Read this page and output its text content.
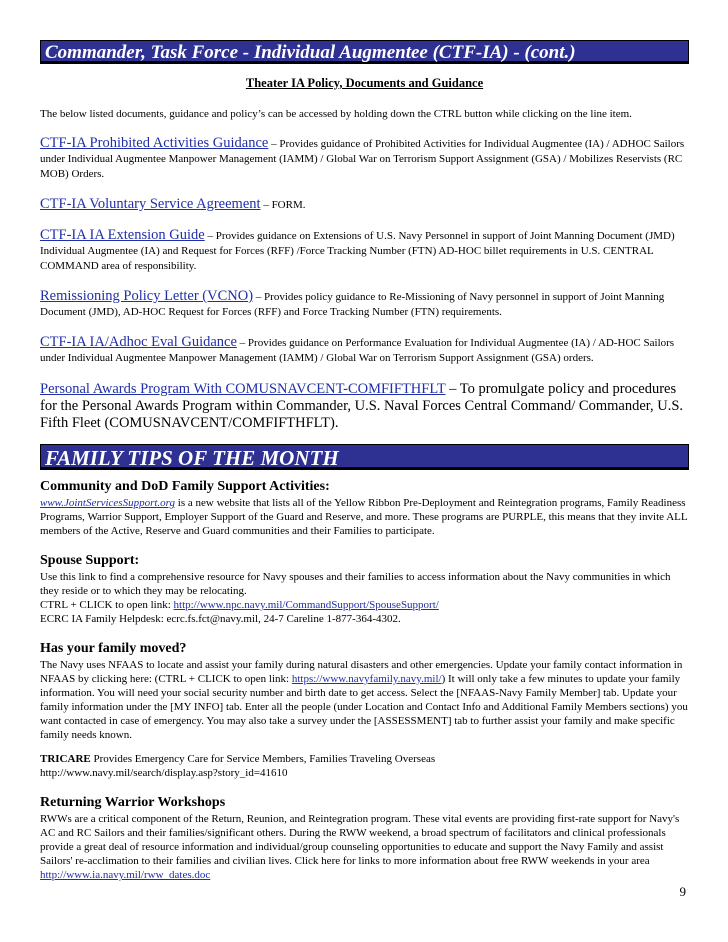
Commander, Task Force - Individual Augmentee (CTF-IA) - (cont.)
Theater IA Policy, Documents and Guidance
The below listed documents, guidance and policy’s can be accessed by holding down the CTRL button while clicking on the line item.
CTF-IA Prohibited Activities Guidance – Provides guidance of Prohibited Activities for Individual Augmentee (IA) / ADHOC Sailors under Individual Augmentee Manpower Management (IAMM) / Global War on Terrorism Support Assignment (GSA) / Mobilizes Reservists (RC MOB) Orders.
CTF-IA Voluntary Service Agreement – FORM.
CTF-IA IA Extension Guide – Provides guidance on Extensions of U.S. Navy Personnel in support of Joint Manning Document (JMD) Individual Augmentee (IA) and Request for Forces (RFF) /Force Tracking Number (FTN) AD-HOC billet requirements in U.S. CENTRAL COMMAND area of responsibility.
Remissioning Policy Letter (VCNO) – Provides policy guidance to Re-Missioning of Navy personnel in support of Joint Manning Document (JMD), AD-HOC Request for Forces (RFF) and Force Tracking Number (FTN) requirements.
CTF-IA IA/Adhoc Eval Guidance – Provides guidance on Performance Evaluation for Individual Augmentee (IA) / AD-HOC Sailors under Individual Augmentee Manpower Management (IAMM) / Global War on Terrorism Support Assignment (GSA) orders.
Personal Awards Program With COMUSNAVCENT-COMFIFTHFLT – To promulgate policy and procedures for the Personal Awards Program within Commander, U.S. Naval Forces Central Command/ Commander, U.S. Fifth Fleet (COMUSNAVCENT/COMFIFTHFLT).
FAMILY TIPS OF THE MONTH
Community and DoD Family Support Activities:
www.JointServicesSupport.org is a new website that lists all of the Yellow Ribbon Pre-Deployment and Reintegration programs, Family Readiness Programs, Warrior Support, Employer Support of the Guard and Reserve, and more. These programs are PURPLE, this means that they invite ALL members of the Active, Reserve and Guard communities and their Families to participate.
Spouse Support:
Use this link to find a comprehensive resource for Navy spouses and their families to access information about the Navy communities in which they reside or to which they may be relocating.
CTRL + CLICK to open link: http://www.npc.navy.mil/CommandSupport/SpouseSupport/
ECRC IA Family Helpdesk: ecrc.fs.fct@navy.mil, 24-7 Careline 1-877-364-4302.
Has your family moved?
The Navy uses NFAAS to locate and assist your family during natural disasters and other emergencies. Update your family contact information in NFAAS by clicking here: (CTRL + CLICK to open link: https://www.navyfamily.navy.mil/) It will only take a few minutes to update your family information. You will need your social security number and birth date to get access. Select the [NFAAS-Navy Family Member] tab. Update your family information under the [MY INFO] tab. Enter all the people (under Location and Contact Info and Additional Family Members sections) you want contacted in case of emergency. You may also take a survey under the [ASSESSMENT] tab to further assist your family and make specific family needs known.
TRICARE Provides Emergency Care for Service Members, Families Traveling Overseas
http://www.navy.mil/search/display.asp?story_id=41610
Returning Warrior Workshops
RWWs are a critical component of the Return, Reunion, and Reintegration program. These vital events are providing first-rate support for Navy's AC and RC Sailors and their families/significant others. During the RWW weekend, a broad spectrum of facilitators and clinical professionals provide a great deal of resource information and individual/group counseling opportunities to educate and support the Navy Family and assist Sailors' re-acclimation to their families and civilian lives. Click here for links to more information about free RWW weekends in your area http://www.ia.navy.mil/rww_dates.doc
9
